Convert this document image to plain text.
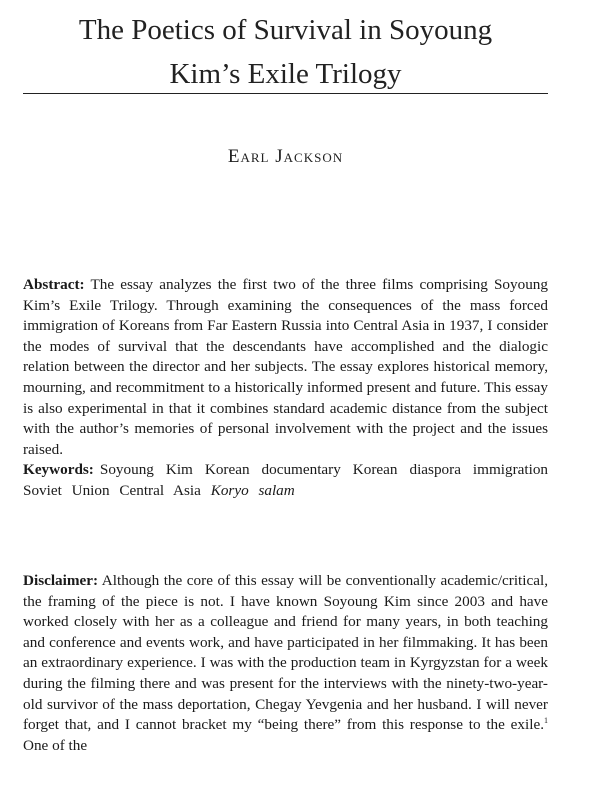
The Poetics of Survival in Soyoung
Kim’s Exile Trilogy
Earl Jackson
Abstract: The essay analyzes the first two of the three films comprising Soyoung Kim’s Exile Trilogy. Through examining the consequences of the mass forced immigration of Koreans from Far Eastern Russia into Central Asia in 1937, I consider the modes of survival that the descendants have accomplished and the dialogic relation between the director and her subjects. The essay explores historical memory, mourning, and recommitment to a historically informed present and future. This essay is also experimental in that it combines standard academic distance from the subject with the author’s memories of personal involvement with the project and the issues raised.
Keywords: Soyoung Kim Korean documentary Korean diaspora immigration Soviet Union Central Asia Koryo salam
Disclaimer: Although the core of this essay will be conventionally academic/critical, the framing of the piece is not. I have known Soyoung Kim since 2003 and have worked closely with her as a colleague and friend for many years, in both teaching and conference and events work, and have participated in her filmmaking. It has been an extraordinary experience. I was with the production team in Kyrgyzstan for a week during the filming there and was present for the interviews with the ninety-two-year-old survivor of the mass deportation, Chegay Yevgenia and her husband. I will never forget that, and I cannot bracket my “being there” from this response to the exile.$^1$ One of the
